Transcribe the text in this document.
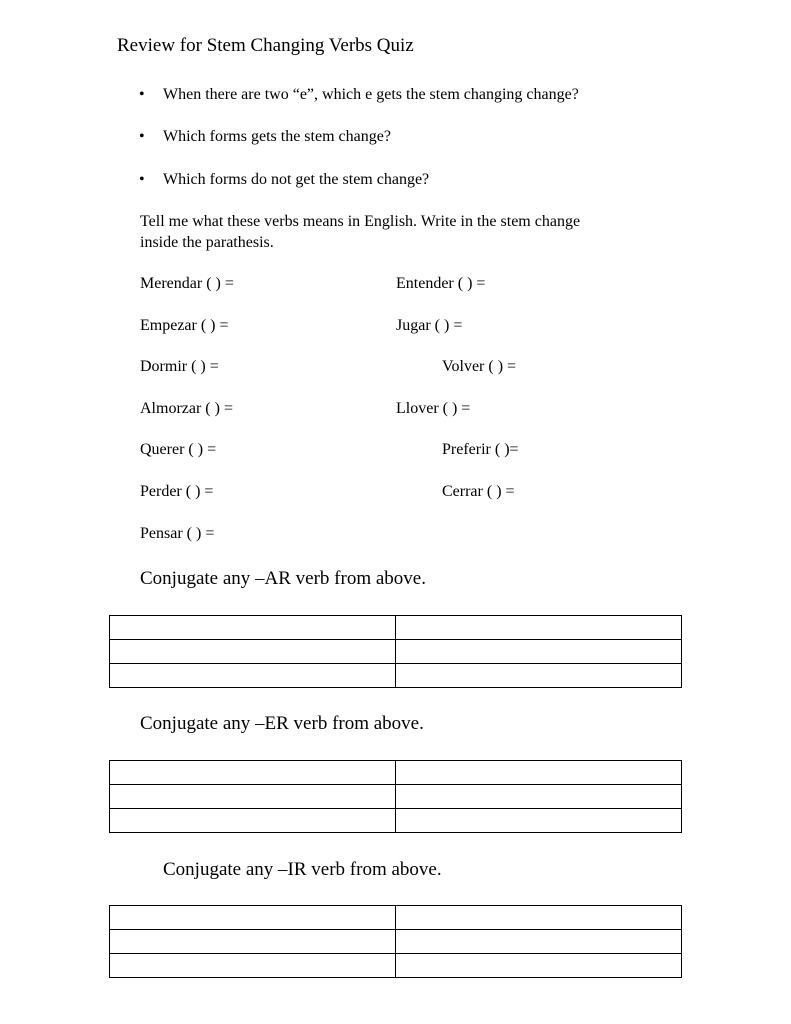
Review for Stem Changing Verbs Quiz
• When there are two “e”, which e gets the stem changing change?
• Which forms gets the stem change?
• Which forms do not get the stem change?
Tell me what these verbs means in English. Write in the stem change
inside the parathesis.
Merendar ( ) =	Entender ( ) =
Empezar ( ) =	Jugar ( ) =
Dormir ( ) =	Volver ( ) =
Almorzar ( ) =	Llover ( ) =
Querer ( ) =	Preferir ( )=
Perder ( ) =	Cerrar ( ) =
Pensar ( ) =
Conjugate any –AR verb from above.

Conjugate any –ER verb from above.

Conjugate any –IR verb from above.
